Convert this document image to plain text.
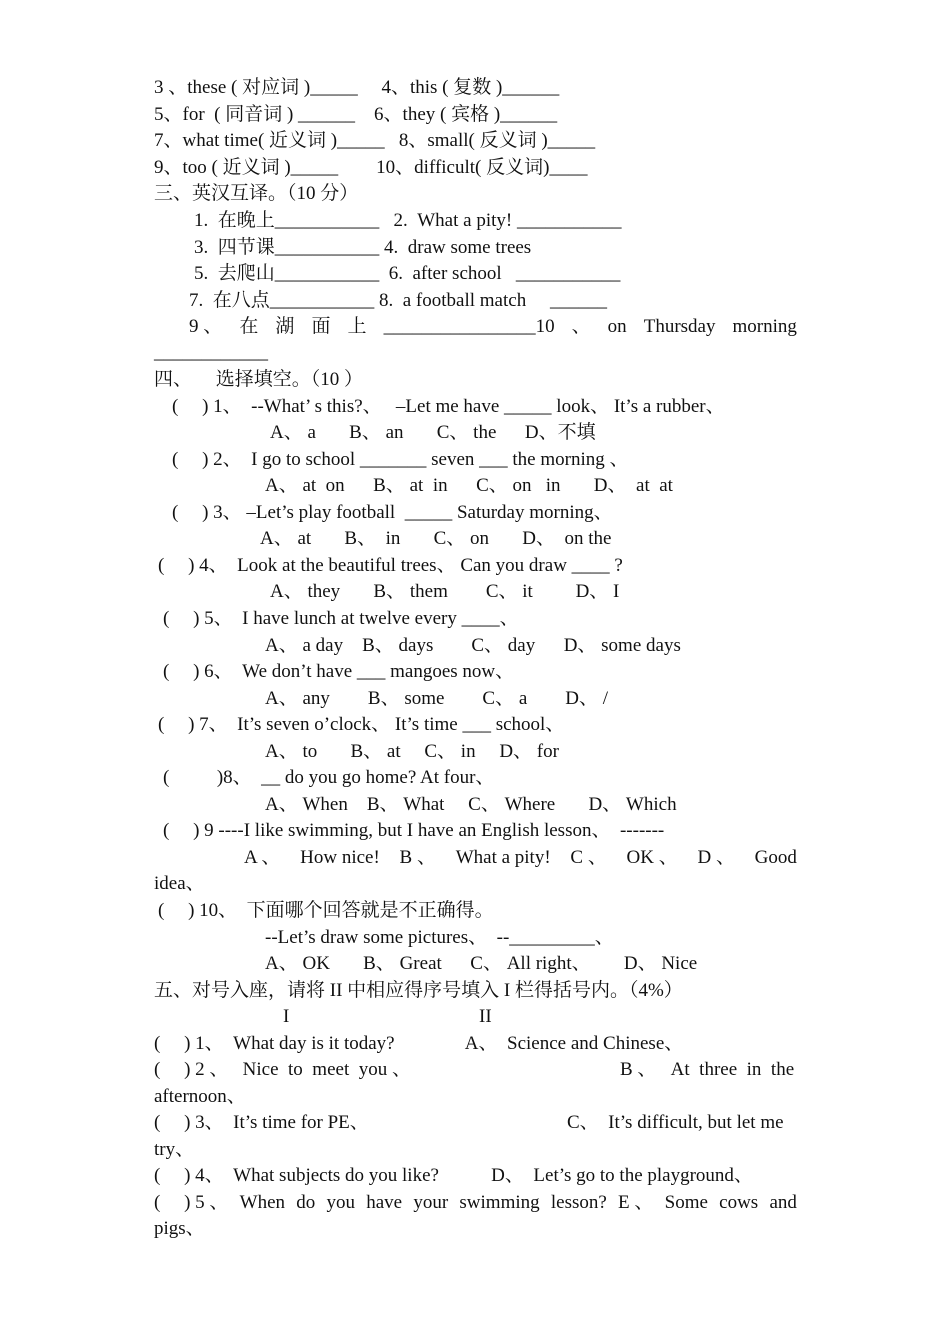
3 、these ( 对应词 )_____     4、this ( 复数 )______
5、for  ( 同音词 ) ______    6、they ( 宾格 )______
7、what time( 近义词 )_____   8、small( 反义词 )_____
9、too ( 近义词 )_____        10、difficult( 反义词)____
三、英汉互译。（10 分）
1.  在晚上___________   2.  What a pity! ___________
3.  四节课___________ 4.  draw some trees
5.  去爬山___________  6.  after school   ___________
7.  在八点___________ 8.  a football match     ______
9 、 在 湖 面 上 ________________10 、 on Thursday morning
____________
四、     选择填空。（10 ）
(     ) 1、  --What’ s this?、   –Let me have _____ look、 It’s a rubber、
A、 a       B、 an       C、 the      D、不填
(     ) 2、  I go to school _______ seven ___ the morning 、
A、 at  on      B、 at  in      C、 on   in       D、  at  at
(     ) 3、 –Let’s play football  _____ Saturday morning、
A、 at       B、  in       C、 on       D、  on the
(     ) 4、  Look at the beautiful trees、 Can you draw ____ ?
A、 they       B、 them        C、 it         D、 I
(     ) 5、  I have lunch at twelve every ____、
A、 a day    B、 days        C、 day      D、 some days
(     ) 6、  We don’t have ___ mangoes now、
A、 any        B、 some        C、 a        D、 /
(     ) 7、  It’s seven o’clock、 It’s time ___ school、
A、 to       B、 at     C、 in     D、 for
(          )8、  __ do you go home? At four、
A、 When    B、 What     C、 Where       D、 Which
(     ) 9 ----I like swimming, but I have an English lesson、  -------
A 、 How nice! B 、 What a pity! C 、 OK 、 D 、 Good
idea、
(     ) 10、  下面哪个回答就是不正确得。
--Let’s draw some pictures、  --_________、
A、 OK       B、 Great      C、 All right、       D、 Nice
五、对号入座，请将 II 中相应得序号填入 I 栏得括号内。（4%）
I	II
(     ) 1、  What day is it today?               A、  Science and Chinese、
(     ) 2 、   Nice  to  meet  you 、	B 、   At  three  in  the
afternoon、
(     ) 3、  It’s time for PE、	C、  It’s difficult, but let me
try、
(     ) 4、  What subjects do you like?           D、  Let’s go to the playground、
(     ) 5 、 When do you have your swimming lesson? E 、 Some cows and
pigs、
